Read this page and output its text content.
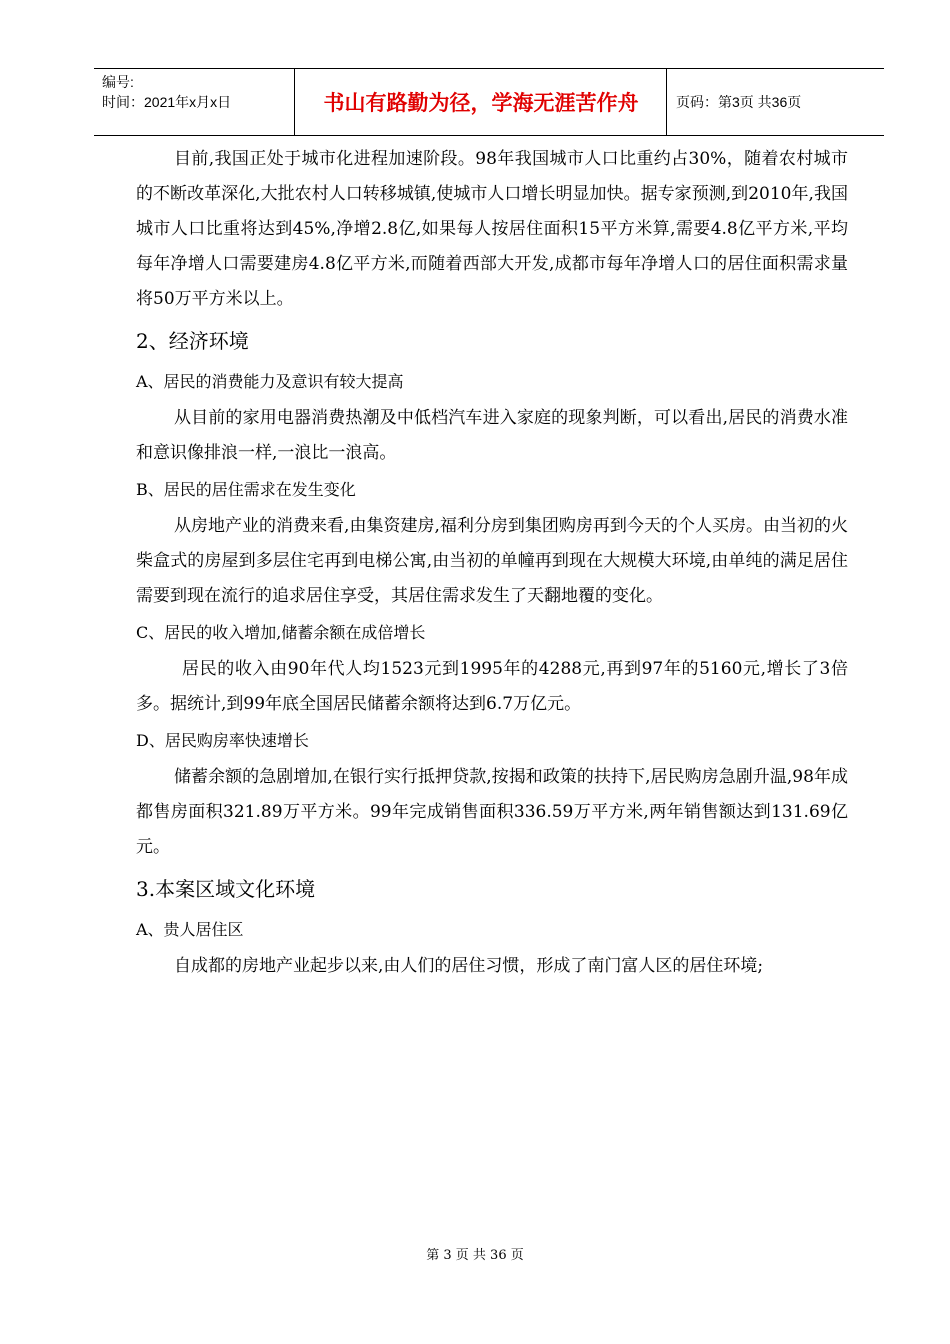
编号:
时间：2021年x月x日	书山有路勤为径，学海无涯苦作舟	页码：第3页 共36页

目前,我国正处于城市化进程加速阶段。98年我国城市人口比重约占30%，随着农村城市的不断改革深化,大批农村人口转移城镇,使城市人口增长明显加快。据专家预测,到2010年,我国城市人口比重将达到45%,净增2.8亿,如果每人按居住面积15平方米算,需要4.8亿平方米,平均每年净增人口需要建房4.8亿平方米,而随着西部大开发,成都市每年净增人口的居住面积需求量将50万平方米以上。

2、经济环境

A、居民的消费能力及意识有较大提高

从目前的家用电器消费热潮及中低档汽车进入家庭的现象判断，可以看出,居民的消费水准和意识像排浪一样,一浪比一浪高。

B、居民的居住需求在发生变化

从房地产业的消费来看,由集资建房,福利分房到集团购房再到今天的个人买房。由当初的火柴盒式的房屋到多层住宅再到电梯公寓,由当初的单幢再到现在大规模大环境,由单纯的满足居住需要到现在流行的追求居住享受，其居住需求发生了天翻地覆的变化。

C、居民的收入增加,储蓄余额在成倍增长

居民的收入由90年代人均1523元到1995年的4288元,再到97年的5160元,增长了3倍多。据统计,到99年底全国居民储蓄余额将达到6.7万亿元。

D、居民购房率快速增长

储蓄余额的急剧增加,在银行实行抵押贷款,按揭和政策的扶持下,居民购房急剧升温,98年成都售房面积321.89万平方米。99年完成销售面积336.59万平方米,两年销售额达到131.69亿元。

3.本案区域文化环境

A、贵人居住区

自成都的房地产业起步以来,由人们的居住习惯，形成了南门富人区的居住环境;

第 3 页 共 36 页
